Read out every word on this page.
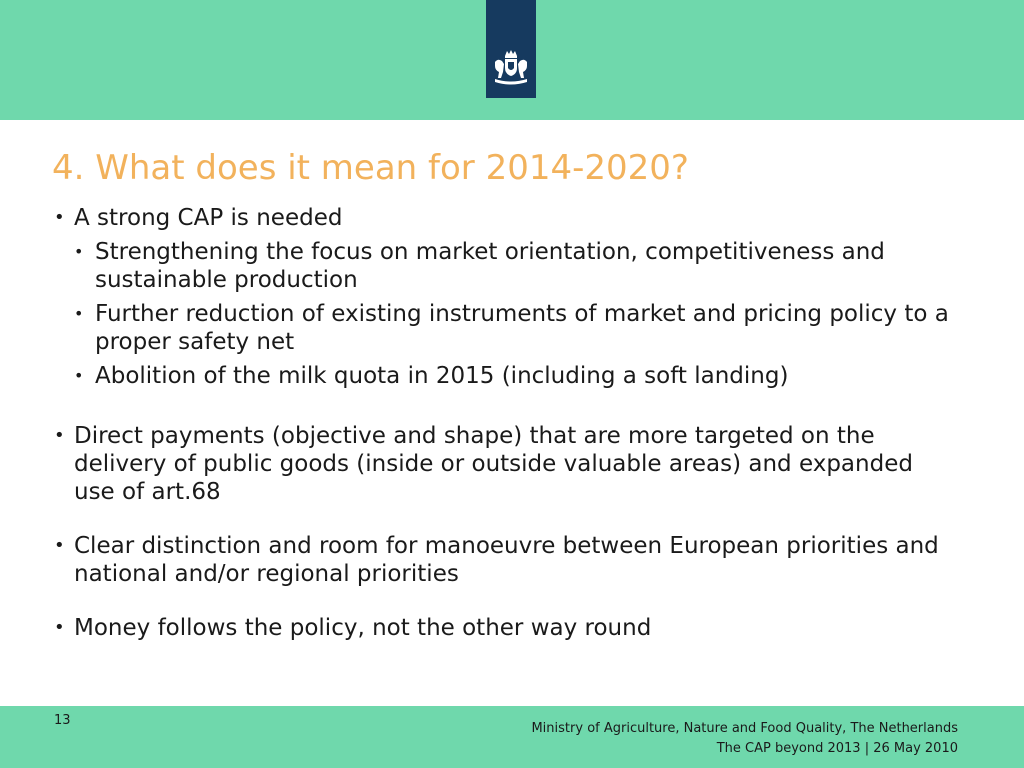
4. What does it mean for 2014-2020?
• A strong CAP is needed
• Strengthening the focus on market orientation, competitiveness and sustainable production
• Further reduction of existing instruments of market and pricing policy to a proper safety net
• Abolition of the milk quota in 2015 (including a soft landing)
• Direct payments (objective and shape) that are more targeted on the delivery of public goods (inside or outside valuable areas) and expanded use of art.68
• Clear distinction and room for manoeuvre between European priorities and national and/or regional priorities
• Money follows the policy, not the other way round
13
Ministry of Agriculture, Nature and Food Quality, The Netherlands
The CAP beyond 2013 | 26 May 2010
